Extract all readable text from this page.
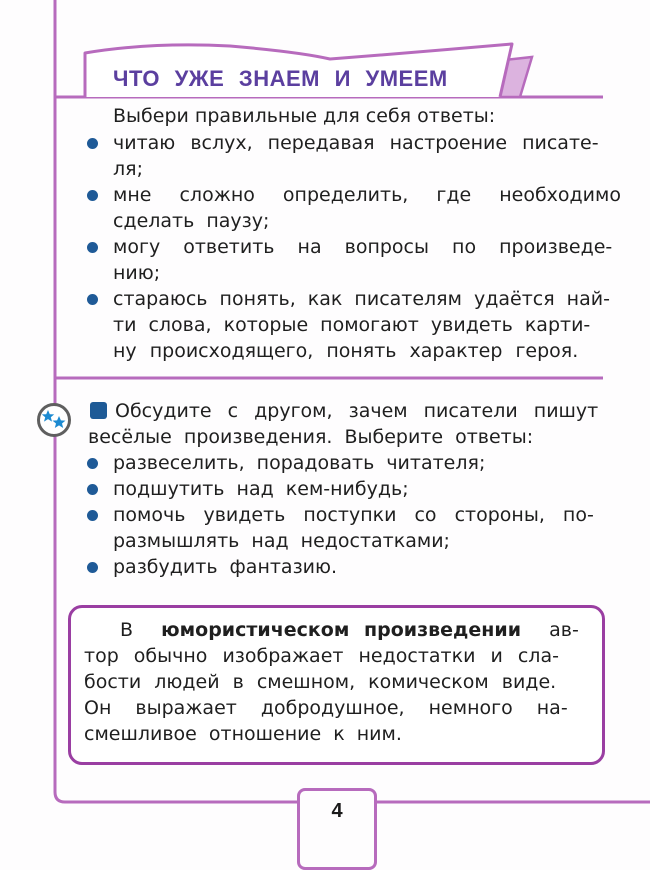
ЧТО УЖЕ ЗНАЕМ И УМЕЕМ
Выбери правильные для себя ответы:
читаю вслух, передавая настроение писате-
ля;
мне сложно определить, где необходимо
сделать паузу;
могу ответить на вопросы по произведе-
нию;
стараюсь понять, как писателям удаётся най-
ти слова, которые помогают увидеть карти-
ну происходящего, понять характер героя.
Обсудите с другом, зачем писатели пишут
весёлые произведения. Выберите ответы:
развеселить, порадовать читателя;
подшутить над кем-нибудь;
помочь увидеть поступки со стороны, по-
размышлять над недостатками;
разбудить фантазию.
В юмористическом произведении ав-
тор обычно изображает недостатки и сла-
бости людей в смешном, комическом виде.
Он выражает добродушное, немного на-
смешливое отношение к ним.
4
